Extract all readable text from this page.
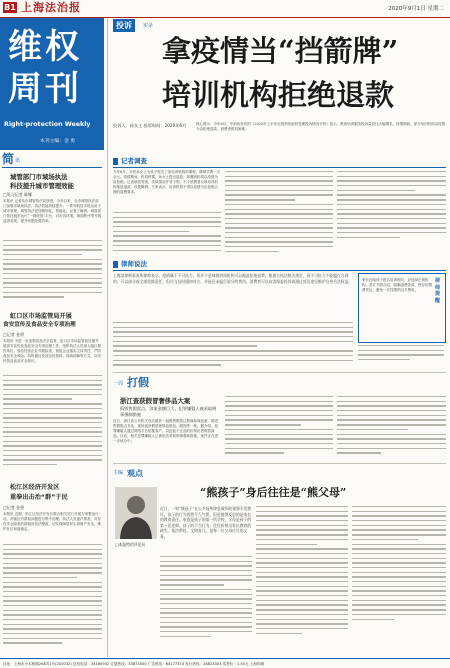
B1 上海法治报	2020年9月1日 星期二
维权
周刊
Right-protection Weekly
本刊主编：金 勇
简 讯
城管部门市域场执法
科技提升城市管理效能
□见习记者 陈娜
本报讯 记者从市城管执法局获悉，今年以来，全市城管执法部门加强市域场执法，执法效能持续提升。一系列科技手段运用于城市管理，城管执法更加精细化、智能化。记者了解到，城管部门依托城市运行“一网统管”平台，对市容环境、街面秩序等开展巡查发现，提升问题处置效率。
虹口区市场监管局开展
食安宣传及食品安全专项治理
□记者 金勇
本报讯 为进一步加强食品安全监管，虹口区市场监管局近期开展食安宣传及食品安全专项治理工作，组织执法人员深入辖区餐饮单位、食品经营企业开展检查，督促企业落实主体责任，严防食品安全风险。同时通过发放宣传资料、现场讲解等方式，向市民普及食品安全知识。
松江区经济开发区
重拳出击治“群”于民
□记者 金勇
本报讯 近期，松江区经济开发区联合相关部门开展专项整治行动，对辖区内群租问题进行集中治理。执法人员逐户排查，对存在安全隐患的群租房依法整改，切实保障居民生命财产安全，维护社区和谐稳定。
投诉	实录
拿疫情当“挡箭牌”
培训机构拒绝退款
投诉人：孙女士 投诉时间：2020年6月	核心提示：今年6月，中消协发布的《2020年上半年全国消协组织受理投诉情况分析》显示，教育培训服务投诉量同比大幅增长。疫情期间，部分培训机构以疫情为由拒绝退款，消费者维权困难。
记者调查
今年6月，市民孙女士为孩子报名了某培训机构的课程，缴纳学费一万余元。疫情期间，机构停课，孙女士提出退款，却遭到机构以疫情为由拒绝。记者调查发现，类似情况并非个例，不少消费者反映培训机构拖延退款、设置障碍。专家表示，培训机构不得以疫情为由拒绝合理的退费要求。
律师说法
上海某律师事务所律师表示，疫情属于不可抗力，但并不意味着培训机构可以据此拒绝退费。根据合同法相关规定，因不可抗力不能履行合同的，可以部分或全部免除责任，但应当及时通知对方，并退还未履行部分的费用。消费者可以向消保委投诉或通过诉讼途径维护自身合法权益。	律师提醒
家长在给孩子报名培训班时，应选择正规机构，签订书面合同，明确退费条款，保存好缴费凭证，避免一次性缴纳过多费用。
一周 打假
浙江查获假冒奢侈品大案
捣毁售假窝点，涉案金额巨大，犯罪嫌疑人被采取刑事强制措施
近日，浙江省公安机关成功破获一起销售假冒注册商标商品案，捣毁售假窝点多处，现场查获假冒奢侈品箱包、服饰等一批。据介绍，犯罪嫌疑人通过网络平台招揽客户，以远低于正品的价格出售假冒商品。目前，相关犯罪嫌疑人已被依法采取刑事强制措施，案件正在进一步侦办中。
主编 观点
“熊孩子”身后往往是“熊父母”
□本报特约评论员
近日，一则“熊孩子”在公共场所肆意破坏的视频引发热议。孩子的行为固然令人气愤，但更值得反思的是家长的教育责任。家庭是孩子的第一所学校，父母是孩子的第一任老师。孩子的不当行为，往往折射出家长教育的缺失。依法带娃、文明育儿，是每一位父母应尽的义务。
社址：上海市小木桥路268弄1号(200032) 总机电话：34160932 订阅热线：33875000 广告热线：64177374 发行热线：28823303 零售价：1.50元 上海印刷
